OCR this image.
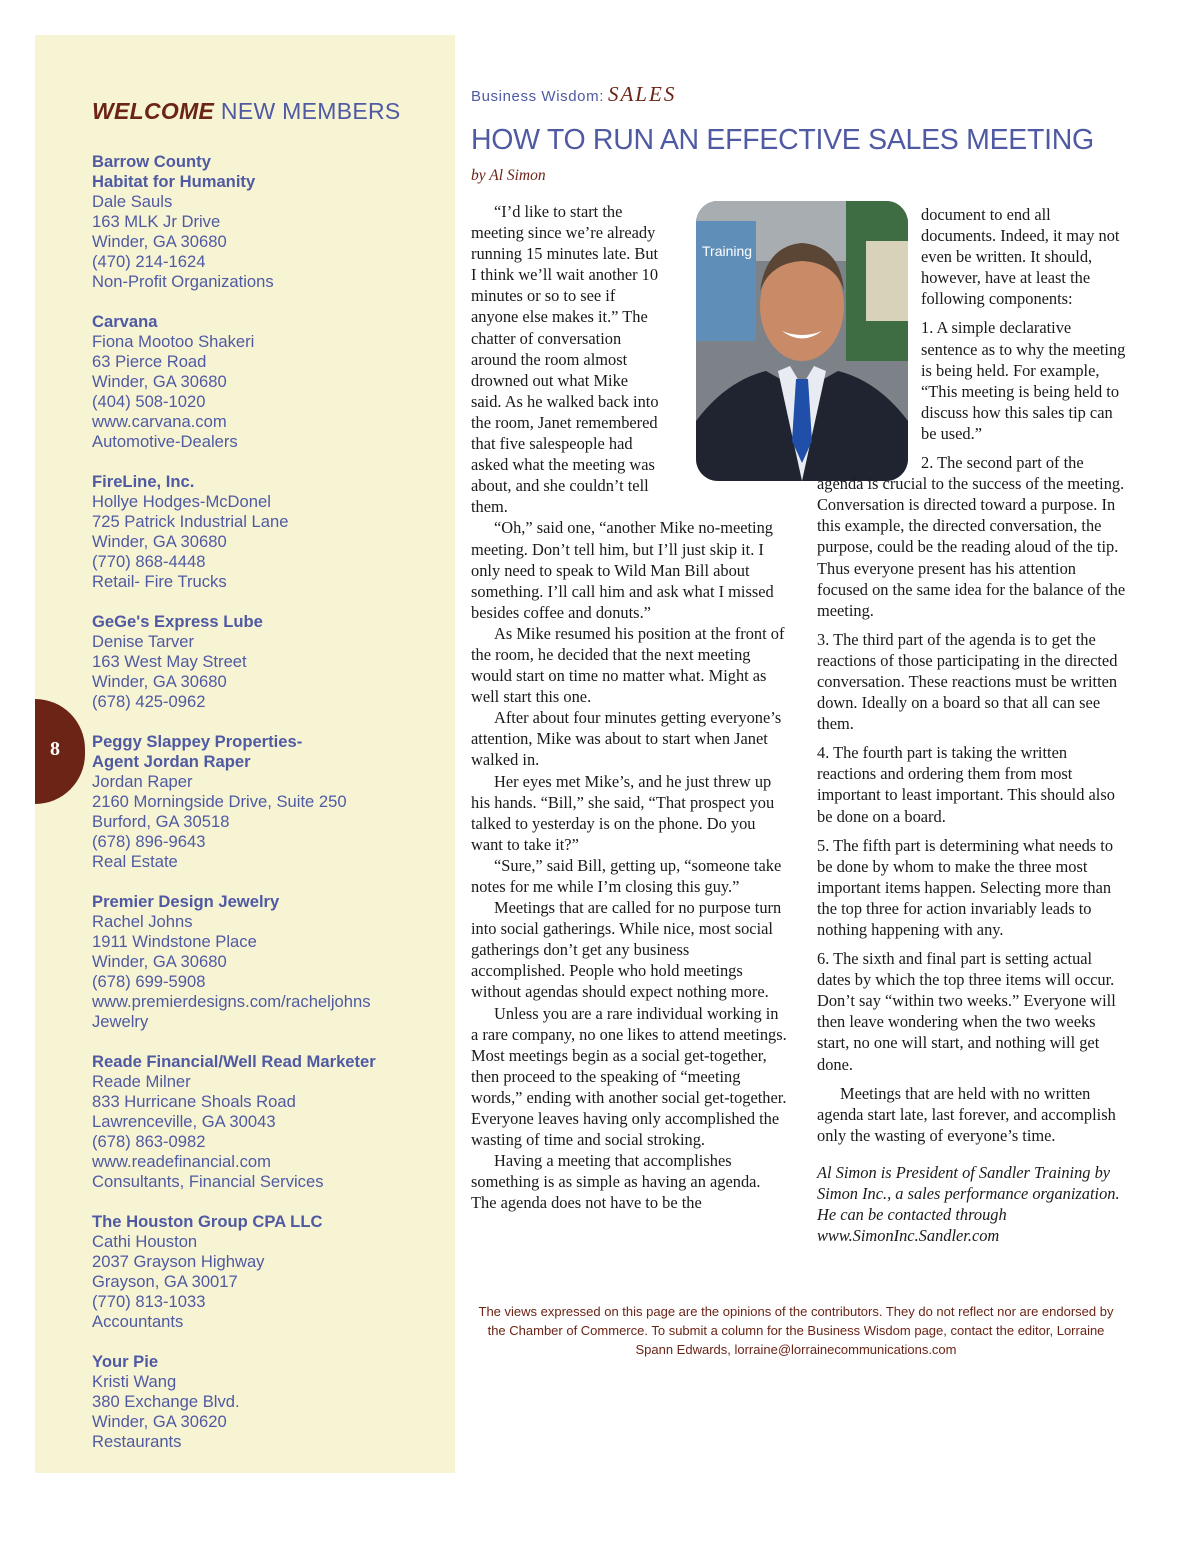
WELCOME NEW MEMBERS
Barrow County
Habitat for Humanity
Dale Sauls
163 MLK Jr Drive
Winder, GA 30680
(470) 214-1624
Non-Profit Organizations
Carvana
Fiona Mootoo Shakeri
63 Pierce Road
Winder, GA 30680
(404) 508-1020
www.carvana.com
Automotive-Dealers
FireLine, Inc.
Hollye Hodges-McDonel
725 Patrick Industrial Lane
Winder, GA 30680
(770) 868-4448
Retail- Fire Trucks
GeGe's Express Lube
Denise Tarver
163 West May Street
Winder, GA 30680
(678) 425-0962
Peggy Slappey Properties-
Agent Jordan Raper
Jordan Raper
2160 Morningside Drive, Suite 250
Burford, GA 30518
(678) 896-9643
Real Estate
Premier Design Jewelry
Rachel Johns
1911 Windstone Place
Winder, GA 30680
(678) 699-5908
www.premierdesigns.com/racheljohns
Jewelry
Reade Financial/Well Read Marketer
Reade Milner
833 Hurricane Shoals Road
Lawrenceville, GA 30043
(678) 863-0982
www.readefinancial.com
Consultants, Financial Services
The Houston Group CPA LLC
Cathi Houston
2037 Grayson Highway
Grayson, GA 30017
(770) 813-1033
Accountants
Your Pie
Kristi Wang
380 Exchange Blvd.
Winder, GA 30620
Restaurants
8
Business Wisdom: SALES
HOW TO RUN AN EFFECTIVE SALES MEETING
by Al Simon
Training

“I’d like to start the meeting since we’re already running 15 minutes late. But I think we’ll wait another 10 minutes or so to see if anyone else makes it.” The chatter of conversation around the room almost drowned out what Mike said. As he walked back into the room, Janet remembered that five salespeople had asked what the meeting was about, and she couldn’t tell them.

“Oh,” said one, “another Mike no-meeting meeting. Don’t tell him, but I’ll just skip it. I only need to speak to Wild Man Bill about something. I’ll call him and ask what I missed besides coffee and donuts.”

As Mike resumed his position at the front of the room, he decided that the next meeting would start on time no matter what. Might as well start this one.

After about four minutes getting everyone’s attention, Mike was about to start when Janet walked in.

Her eyes met Mike’s, and he just threw up his hands. “Bill,” she said, “That prospect you talked to yesterday is on the phone. Do you want to take it?”

“Sure,” said Bill, getting up, “someone take notes for me while I’m closing this guy.”

Meetings that are called for no purpose turn into social gatherings. While nice, most social gatherings don’t get any business accomplished. People who hold meetings without agendas should expect nothing more.

Unless you are a rare individual working in a rare company, no one likes to attend meetings. Most meetings begin as a social get-together, then proceed to the speaking of “meeting words,” ending with another social get-together. Everyone leaves having only accomplished the wasting of time and social stroking.

Having a meeting that accomplishes something is as simple as having an agenda. The agenda does not have to be the

document to end all documents. Indeed, it may not even be written. It should, however, have at least the following components:

1. A simple declarative sentence as to why the meeting is being held. For example, “This meeting is being held to discuss how this sales tip can be used.”

2. The second part of the agenda is crucial to the success of the meeting. Conversation is directed toward a purpose. In this example, the directed conversation, the purpose, could be the reading aloud of the tip. Thus everyone present has his attention focused on the same idea for the balance of the meeting.

3. The third part of the agenda is to get the reactions of those participating in the directed conversation. These reactions must be written down. Ideally on a board so that all can see them.

4. The fourth part is taking the written reactions and ordering them from most important to least important. This should also be done on a board.

5. The fifth part is determining what needs to be done by whom to make the three most important items happen. Selecting more than the top three for action invariably leads to nothing happening with any.

6. The sixth and final part is setting actual dates by which the top three items will occur. Don’t say “within two weeks.” Everyone will then leave wondering when the two weeks start, no one will start, and nothing will get done.

Meetings that are held with no written agenda start late, last forever, and accomplish only the wasting of everyone’s time.

Al Simon is President of Sandler Training by
Simon Inc., a sales performance organization.
He can be contacted through
www.SimonInc.Sandler.com

The views expressed on this page are the opinions of the contributors. They do not reflect nor are endorsed by the Chamber of Commerce. To submit a column for the Business Wisdom page, contact the editor, Lorraine Spann Edwards, lorraine@lorrainecommunications.com
